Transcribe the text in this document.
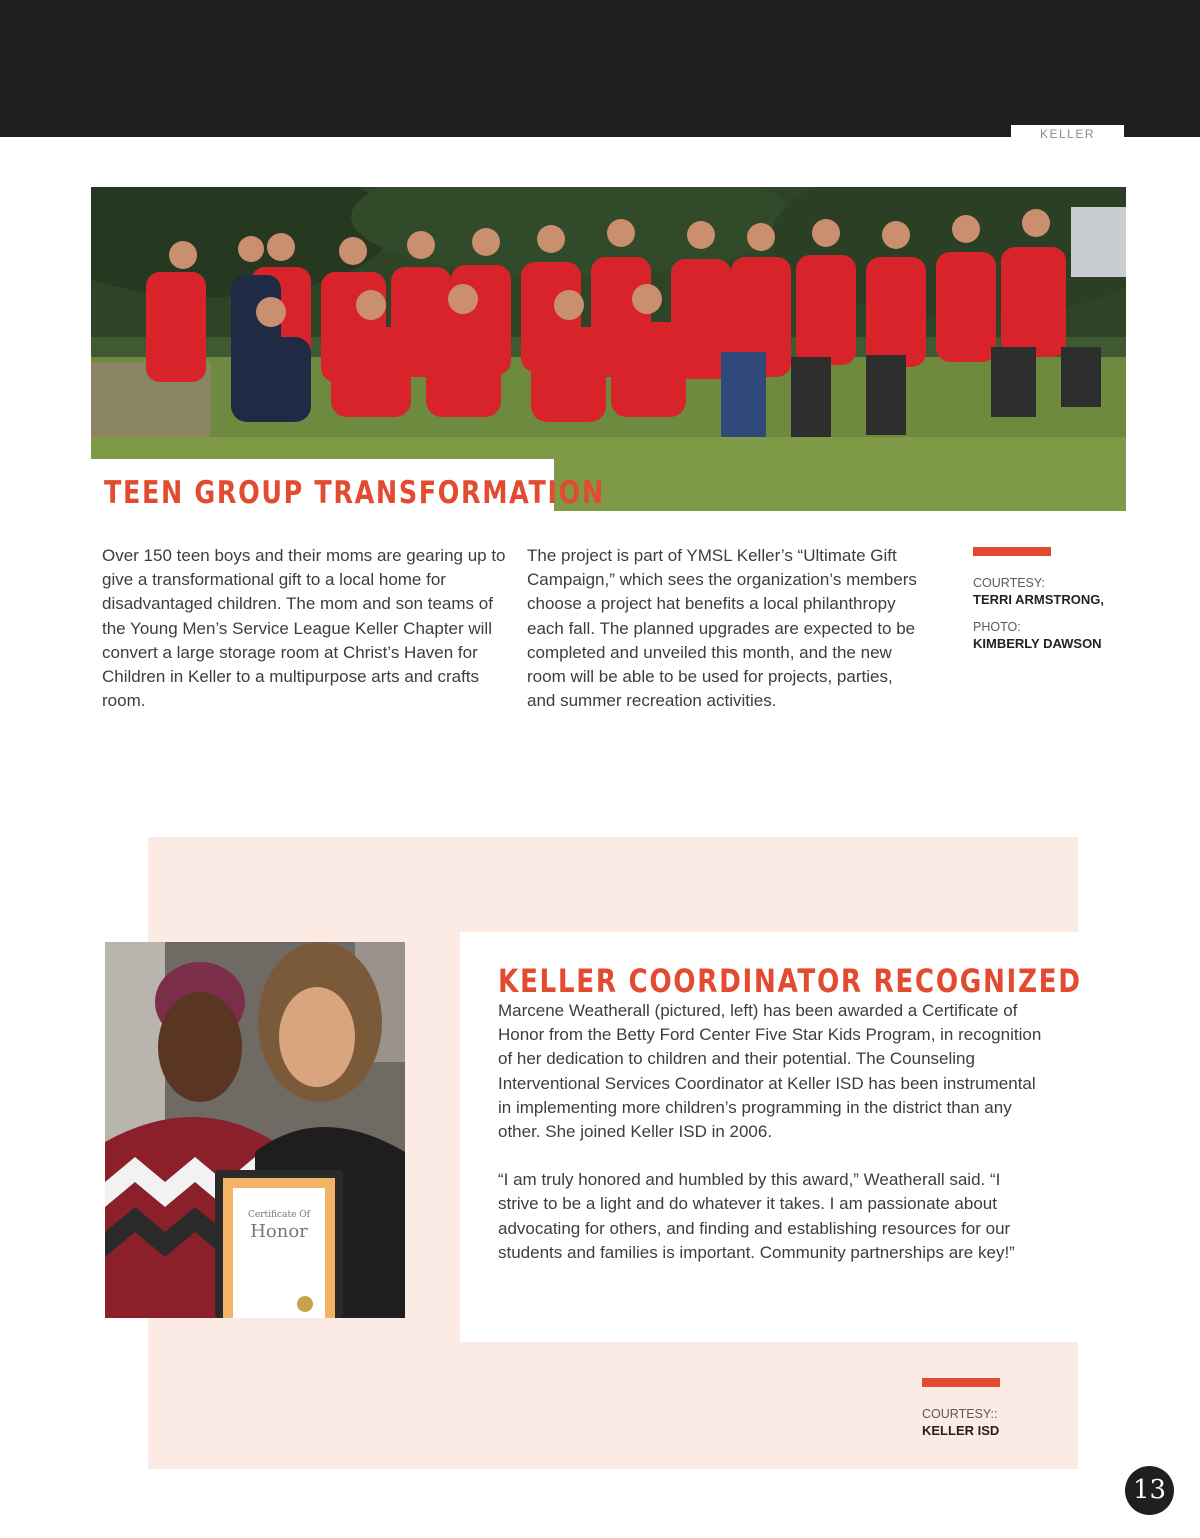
KELLER
TEEN GROUP TRANSFORMATION
Over 150 teen boys and their moms are gearing up to give a transformational gift to a local home for disadvantaged children. The mom and son teams of the Young Men’s Service League Keller Chapter will convert a large storage room at Christ’s Haven for Children in Keller to a multipurpose arts and crafts room.
The project is part of YMSL Keller’s “Ultimate Gift Campaign,” which sees the organization’s members choose a project hat benefits a local philanthropy each fall. The planned upgrades are expected to be completed and unveiled this month, and the new room will be able to be used for projects, parties, and summer recreation activities.
COURTESY:
TERRI ARMSTRONG,
PHOTO:
KIMBERLY DAWSON
Certificate Of
Honor
KELLER COORDINATOR RECOGNIZED

Marcene Weatherall (pictured, left) has been awarded a Certificate of Honor from the Betty Ford Center Five Star Kids Program, in recognition of her dedication to children and their potential. The Counseling Interventional Services Coordinator at Keller ISD has been instrumental in implementing more children’s programming in the district than any other. She joined Keller ISD in 2006.

“I am truly honored and humbled by this award,” Weatherall said. “I strive to be a light and do whatever it takes. I am passionate about advocating for others, and finding and establishing resources for our students and families is important. Community partnerships are key!”

COURTESY::
KELLER ISD
13
